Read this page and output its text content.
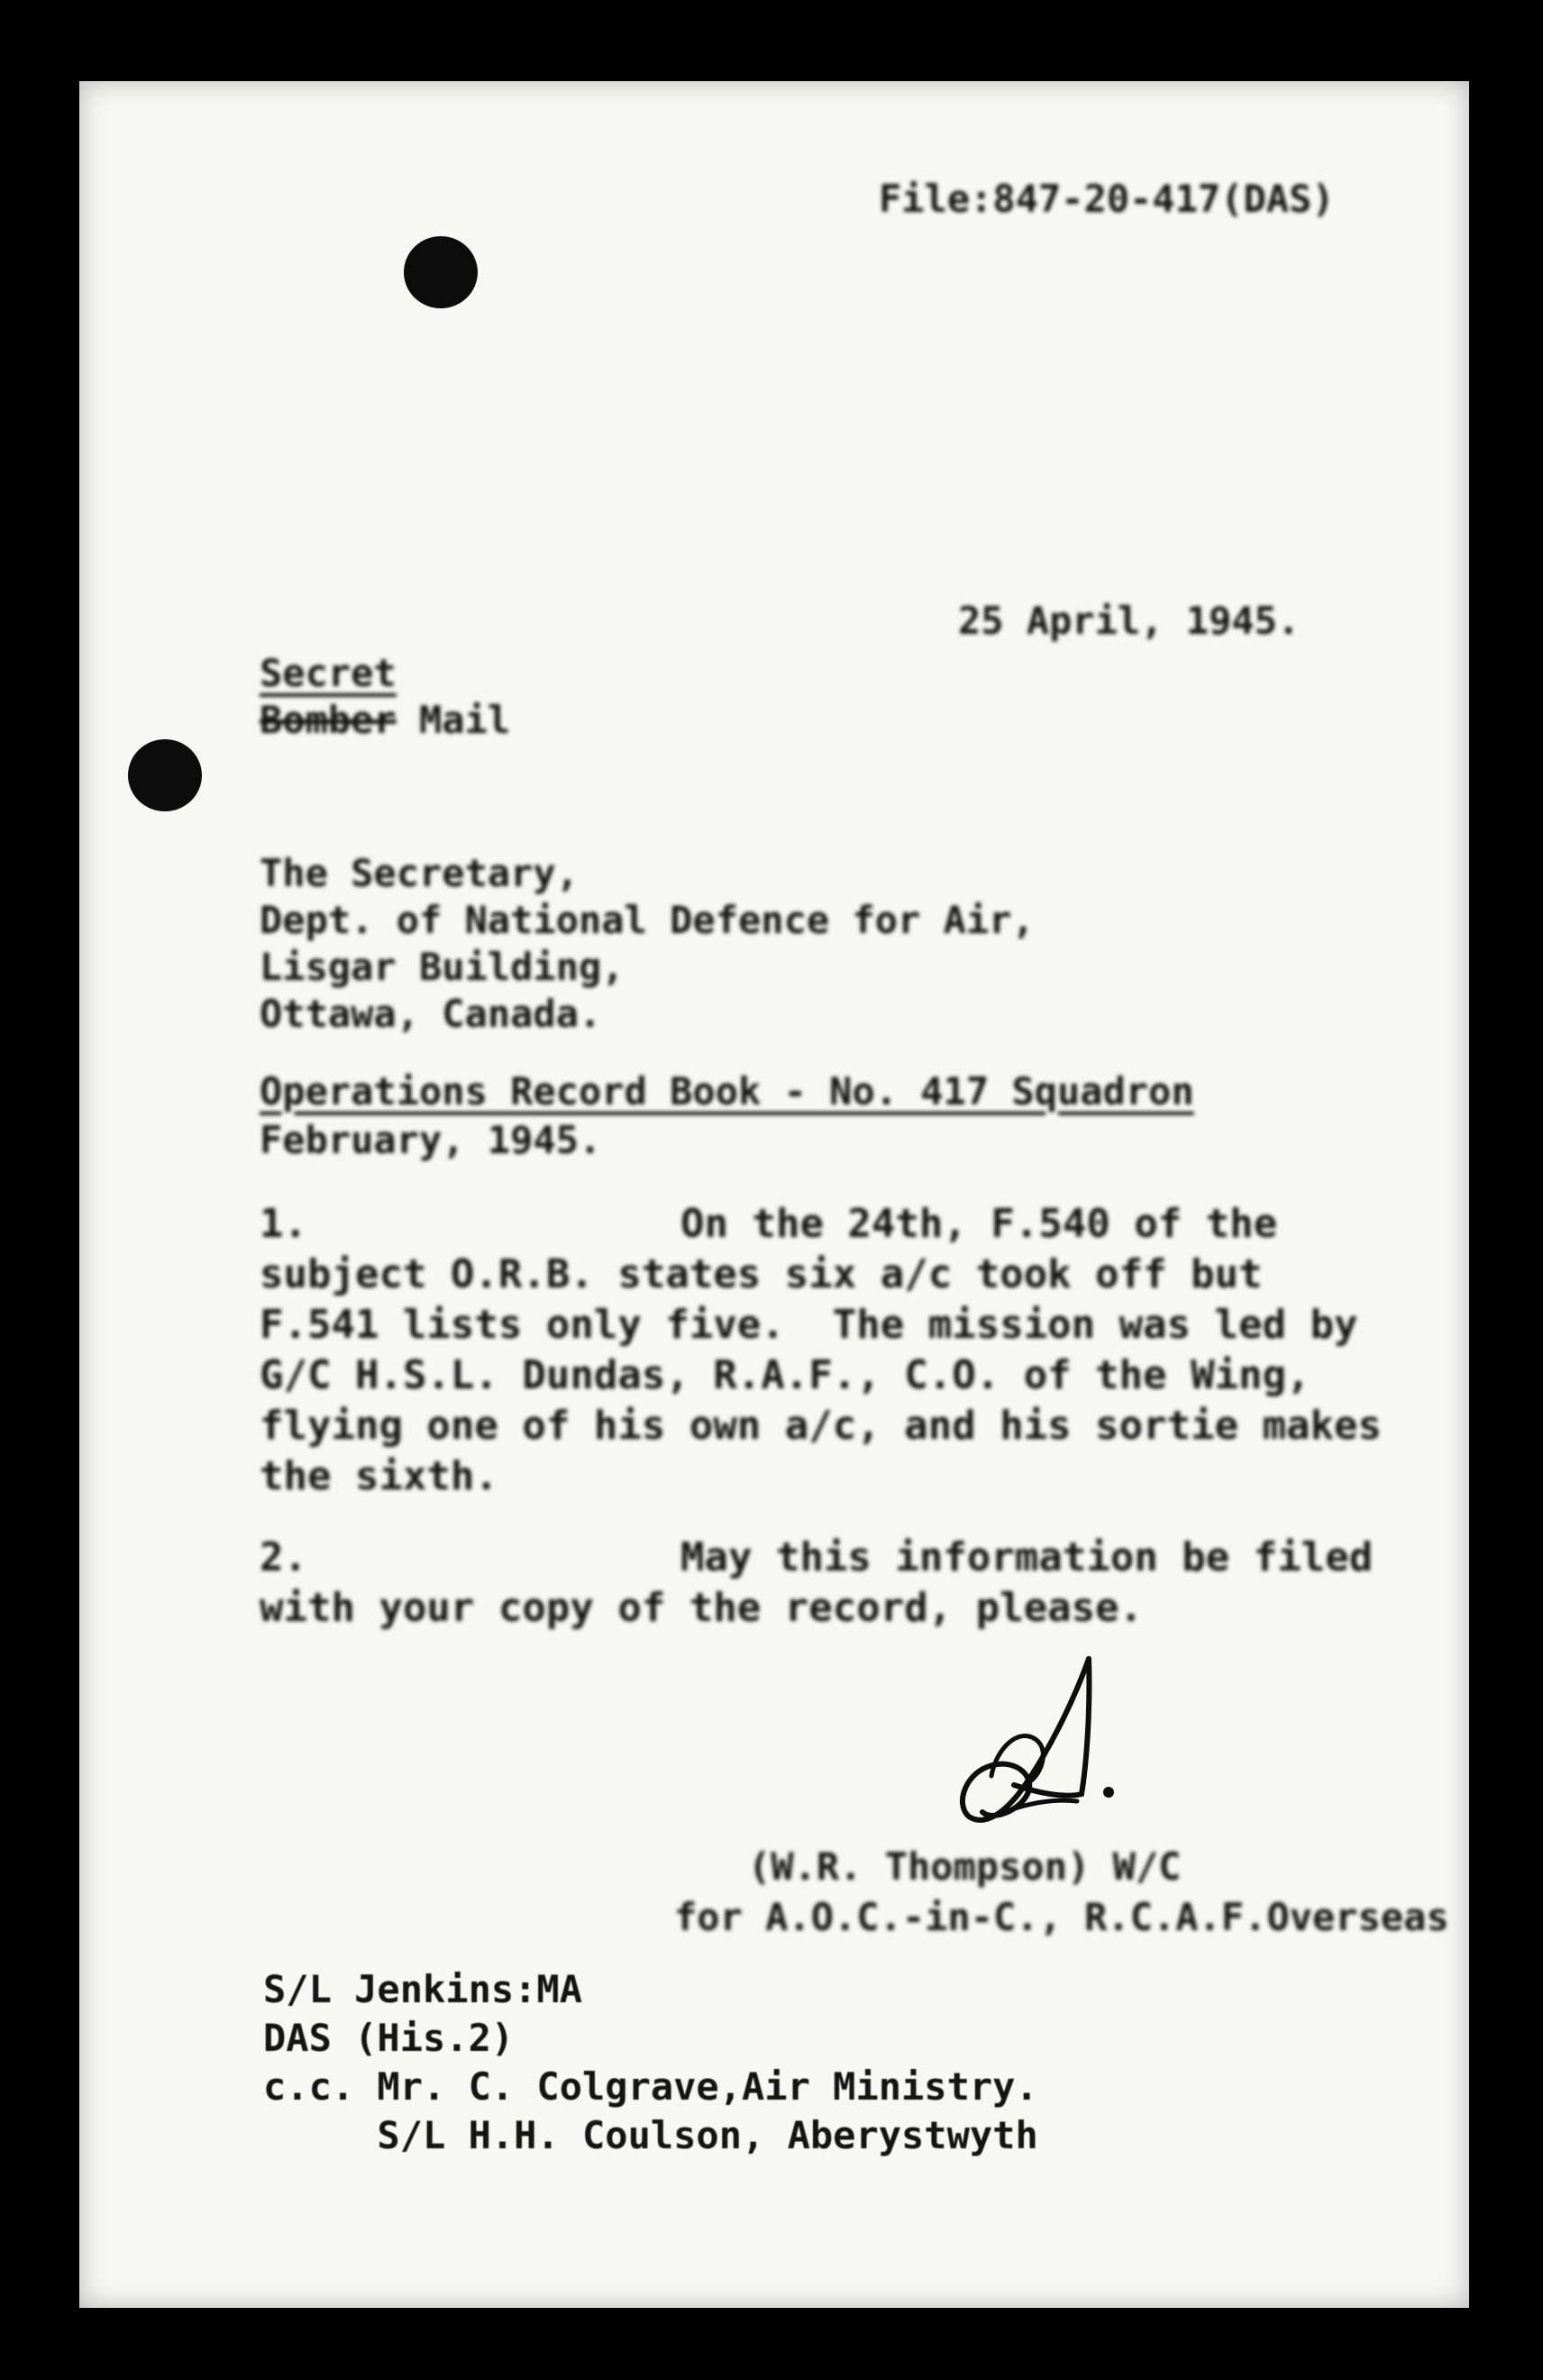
File:847-20-417(DAS)
25 April, 1945.
Secret
Bomber Mail
The Secretary,
Dept. of National Defence for Air,
Lisgar Building,
Ottawa, Canada.
Operations Record Book - No. 417 Squadron
February, 1945.
1.	On the 24th, F.540 of the
subject O.R.B. states six a/c took off but
F.541 lists only five.  The mission was led by
G/C H.S.L. Dundas, R.A.F., C.O. of the Wing,
flying one of his own a/c, and his sortie makes
the sixth.
2.	May this information be filed
with your copy of the record, please.
(W.R. Thompson) W/C
for A.O.C.-in-C., R.C.A.F.Overseas
S/L Jenkins:MA
DAS (His.2)
c.c. Mr. C. Colgrave,Air Ministry.
S/L H.H. Coulson, Aberystwyth
